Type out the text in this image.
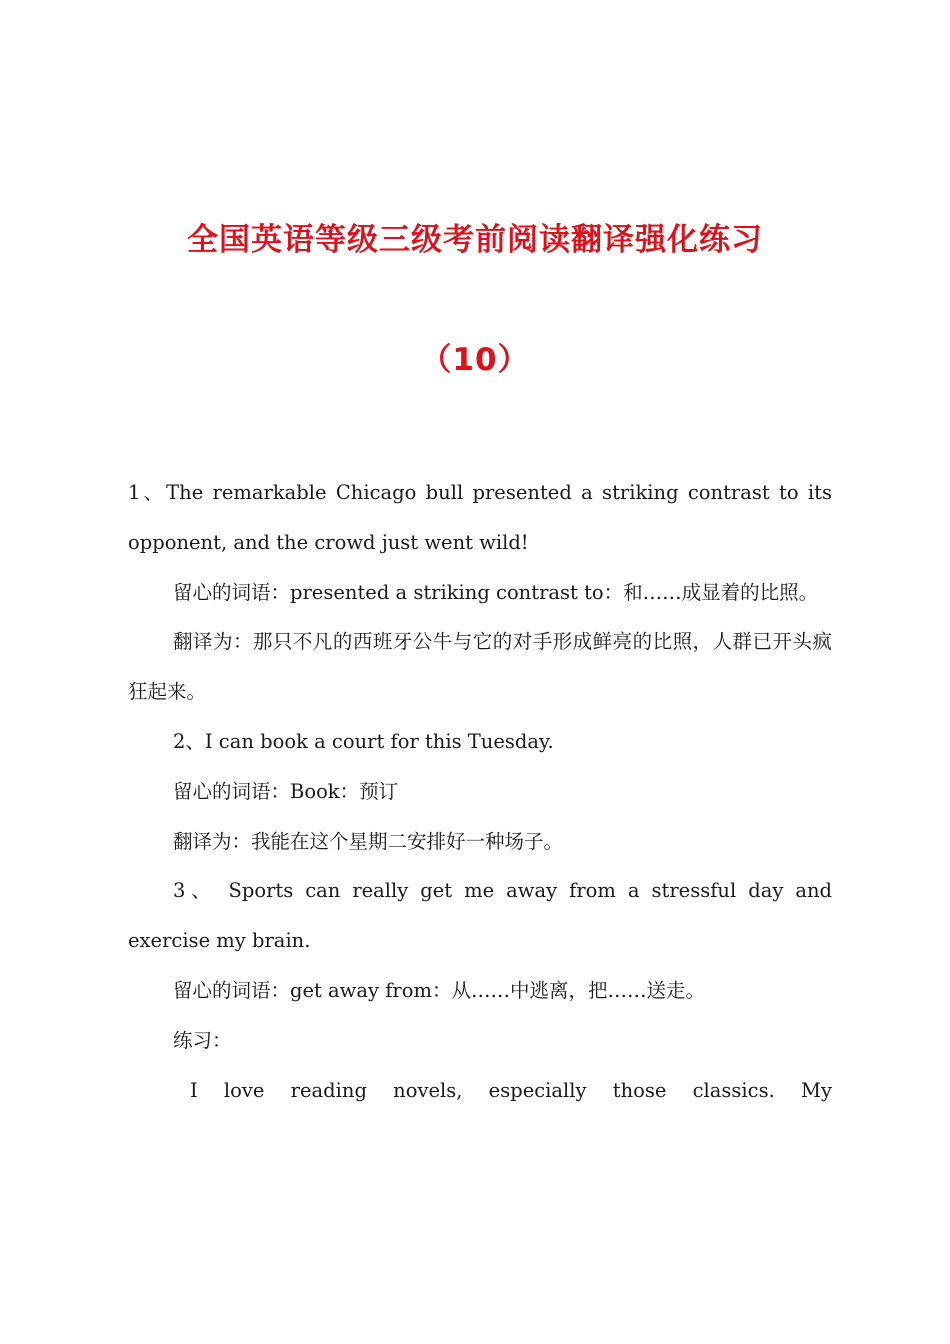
全国英语等级三级考前阅读翻译强化练习
（10）

1、The remarkable Chicago bull presented a striking contrast to its opponent, and the crowd just went wild!

留心的词语：presented a striking contrast to：和……成显着的比照。

翻译为：那只不凡的西班牙公牛与它的对手形成鲜亮的比照，人群已开头疯狂起来。

2、I can book a court for this Tuesday.

留心的词语：Book：预订

翻译为：我能在这个星期二安排好一种场子。

3、 Sports can really get me away from a stressful day and exercise my brain.

留心的词语：get away from：从……中逃离，把……送走。

练习：

I love reading novels, especially those classics. My
